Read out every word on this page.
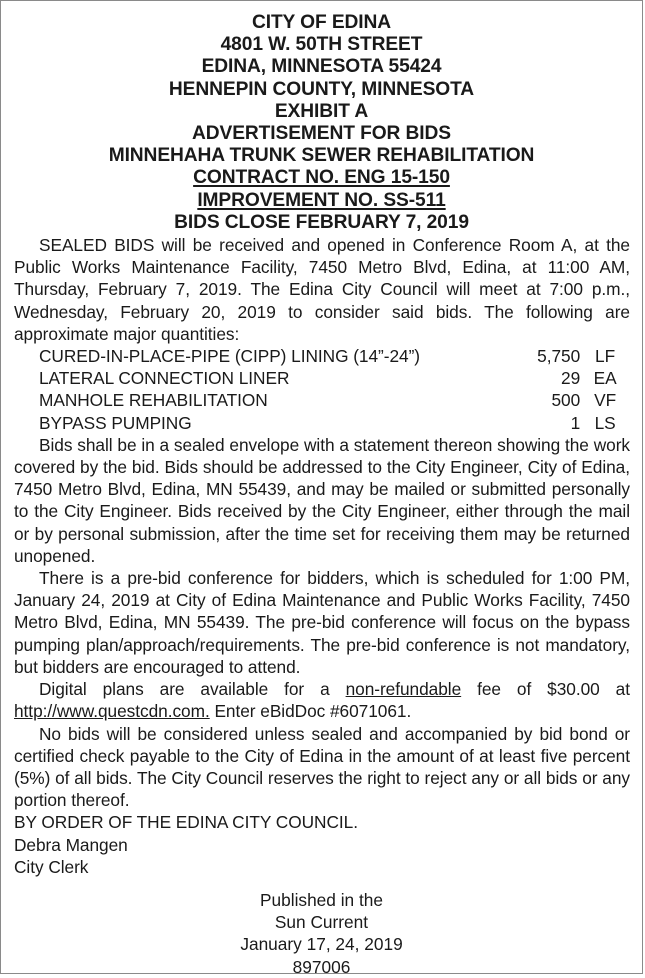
CITY OF EDINA
4801 W. 50TH STREET
EDINA, MINNESOTA 55424
HENNEPIN COUNTY, MINNESOTA
EXHIBIT A
ADVERTISEMENT FOR BIDS
MINNEHAHA TRUNK SEWER REHABILITATION
CONTRACT NO. ENG 15-150
IMPROVEMENT NO. SS-511
BIDS CLOSE FEBRUARY 7, 2019

SEALED BIDS will be received and opened in Conference Room A, at the Public Works Maintenance Facility, 7450 Metro Blvd, Edina, at 11:00 AM, Thursday, February 7, 2019. The Edina City Council will meet at 7:00 p.m., Wednesday, February 20, 2019 to consider said bids. The following are approximate major quantities:

CURED-IN-PLACE-PIPE (CIPP) LINING (14”-24”)	5,750	LF
LATERAL CONNECTION LINER	29	EA
MANHOLE REHABILITATION	500	VF
BYPASS PUMPING	1	LS

Bids shall be in a sealed envelope with a statement thereon showing the work covered by the bid. Bids should be addressed to the City Engineer, City of Edina, 7450 Metro Blvd, Edina, MN 55439, and may be mailed or submitted personally to the City Engineer. Bids received by the City Engineer, either through the mail or by personal submission, after the time set for receiving them may be returned unopened.

There is a pre-bid conference for bidders, which is scheduled for 1:00 PM, January 24, 2019 at City of Edina Maintenance and Public Works Facility, 7450 Metro Blvd, Edina, MN 55439. The pre-bid conference will focus on the bypass pumping plan/approach/requirements. The pre-bid conference is not mandatory, but bidders are encouraged to attend.

Digital plans are available for a non-refundable fee of $30.00 at http://www.questcdn.com. Enter eBidDoc #6071061.

No bids will be considered unless sealed and accompanied by bid bond or certified check payable to the City of Edina in the amount of at least five percent (5%) of all bids. The City Council reserves the right to reject any or all bids or any portion thereof.

BY ORDER OF THE EDINA CITY COUNCIL.

Debra Mangen

City Clerk

Published in the
Sun Current
January 17, 24, 2019
897006
